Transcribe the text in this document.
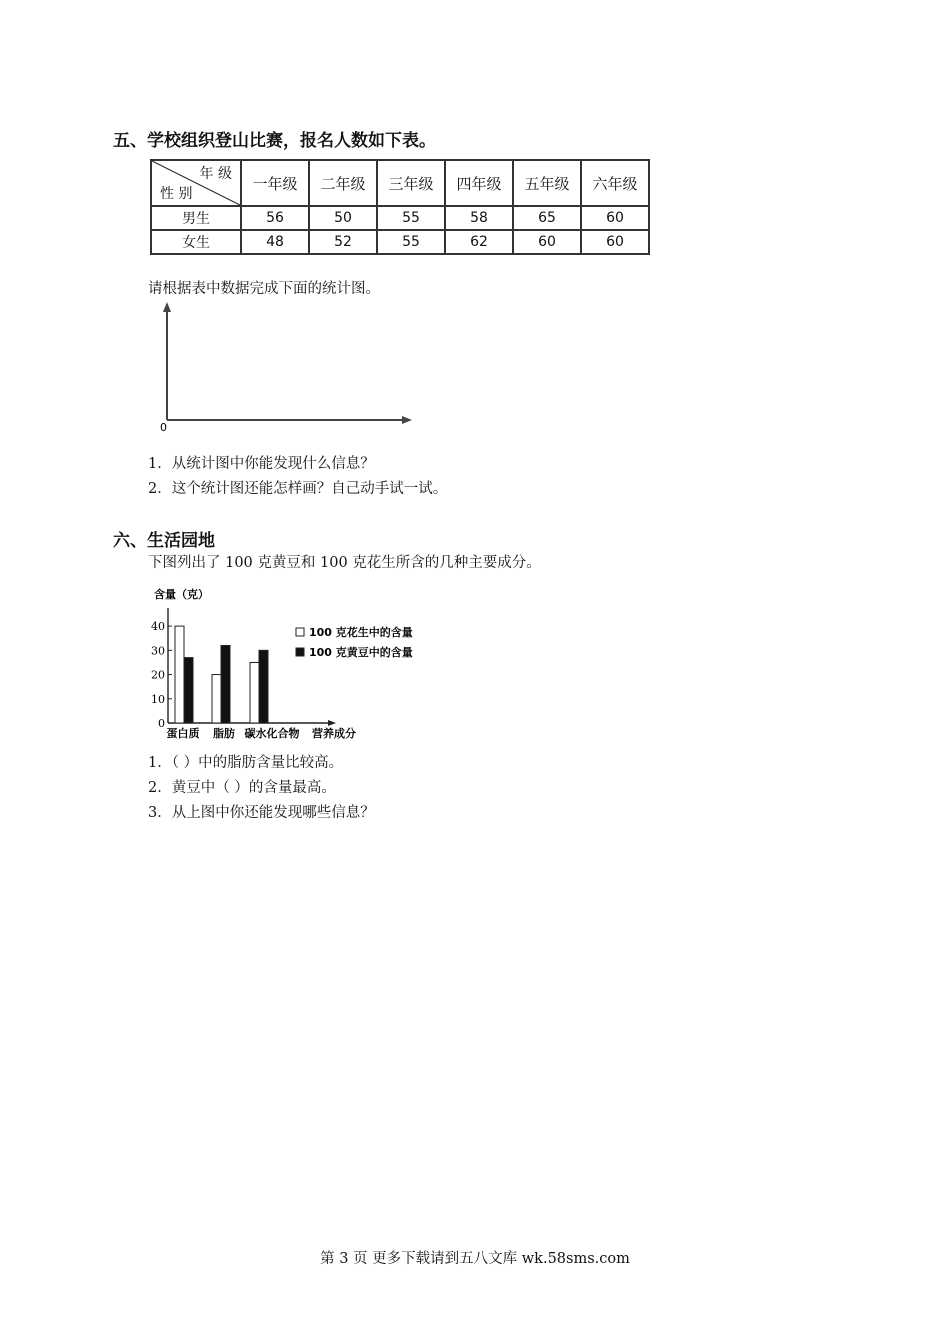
五、学校组织登山比赛，报名人数如下表。
年 级
性 别	一年级	二年级	三年级	四年级	五年级	六年级
男生	56	50	55	58	65	60
女生	48	52	55	62	60	60
请根据表中数据完成下面的统计图。
0
1．从统计图中你能发现什么信息？
2．这个统计图还能怎样画？自己动手试一试。
六、生活园地
下图列出了 100 克黄豆和 100 克花生所含的几种主要成分。
含量（克）
营养成分
0
10
20
30
40
蛋白质 脂肪 碳水化合物
100 克花生中的含量
100 克黄豆中的含量
1．（ ）中的脂肪含量比较高。
2．黄豆中（ ）的含量最高。
3．从上图中你还能发现哪些信息？
第 3 页 更多下载请到五八文库 wk.58sms.com
